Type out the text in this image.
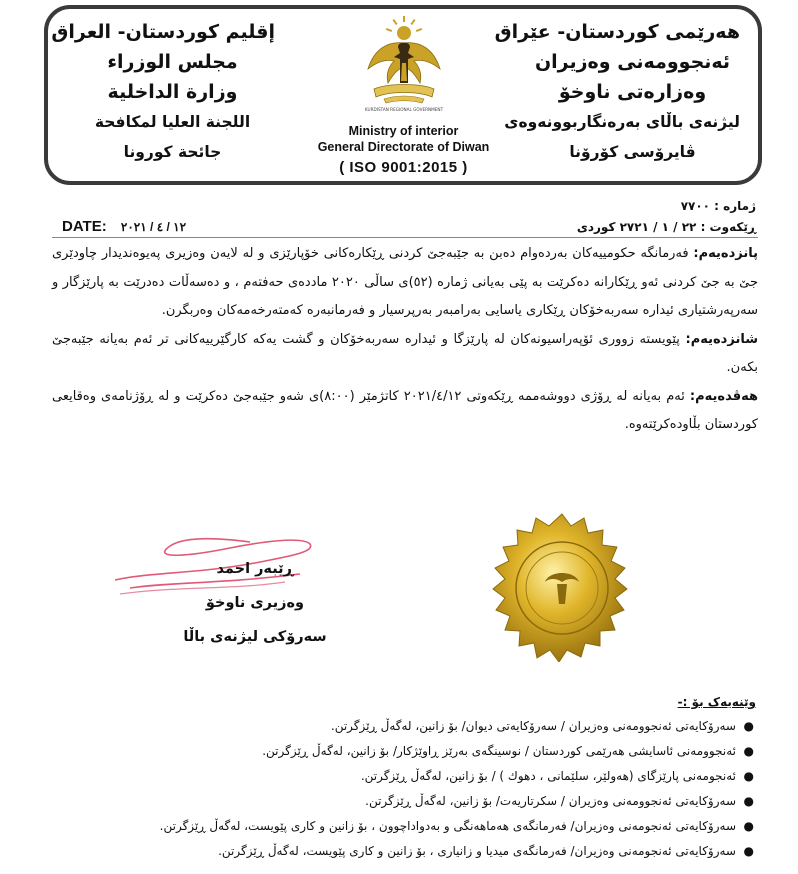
هەرێمی کوردستان- عێراق
ئەنجوومەنی وەزیران
وەزارەتی ناوخۆ
لیژنەی باڵای بەرەنگاربوونەوەی
ڤایرۆسی کۆرۆنا
KURDISTAN REGIONAL GOVERNMENT
Ministry of interior
General Directorate of Diwan
( ISO 9001:2015 )
إقليم كوردستان- العراق
مجلس الوزراء
وزارة الداخلية
اللجنة العليا لمكافحة
جائحة كورونا
ژمارە : ٧٧٠٠
ڕێکەوت : ٢٢ / ١ / ٢٧٢١ کوردی
DATE: ١٢ / ٤ / ٢٠٢١

پانزدەیەم: فەرمانگە حکومییەکان بەردەوام دەبن بە جێبەجێ کردنی ڕێکارەکانی خۆپارێزی و لە لایەن وەزیری پەیوەندیدار چاودێری جێ بە جێ کردنی ئەو ڕێکارانە دەکرێت بە پێی بەیانی ژمارە (٥٢)ی ساڵی ٢٠٢٠ ماددەی حەفتەم ، و دەسەڵات دەدرێت بە پارێزگار و سەرپەرشتیاری ئیدارە سەربەخۆکان ڕێکاری یاسایی بەرامبەر بەرپرسیار و فەرمانبەرە کەمتەرخەمەکان وەربگرن.

شانزدەیەم: پێویستە زووری ئۆپەراسیونەکان لە پارێزگا و ئیدارە سەربەخۆکان و گشت یەکە کارگێرییەکانی تر ئەم بەیانە جێبەجێ بکەن.

هەڤدەیەم: ئەم بەیانە لە ڕۆژی دووشەممە ڕێکەوتی ٢٠٢١/٤/١٢ کاتژمێر (٨:٠٠)ی شەو جێبەجێ دەکرێت و لە ڕۆژنامەی وەقایعی کوردستان بڵاودەکرێتەوە.

ڕێبەر احمد
وەزیری ناوخۆ
سەرۆکی لیژنەی باڵا
وێنەیەک بۆ :-
●
سەرۆکایەتی ئەنجوومەنی وەزیران / سەرۆکایەتی دیوان/ بۆ زانین، لەگەڵ ڕێزگرتن.
●
ئەنجوومەنی ئاسایشی هەرێمی کوردستان / نوسینگەی بەرێز ڕاوێژکار/ بۆ زانین، لەگەڵ ڕێزگرتن.
●
ئەنجومەنی پارێزگای (هەولێر، سلێمانی ، دهوك ) / بۆ زانین، لەگەڵ ڕێزگرتن.
●
سەرۆکایەتی ئەنجوومەنی وەزیران / سکرتاریەت/ بۆ زانین، لەگەڵ ڕێزگرتن.
●
سەرۆکایەتی ئەنجومەنی وەزیران/ فەرمانگەی هەماهەنگی و بەدواداچوون ، بۆ زانین و کاری پێویست، لەگەڵ ڕێزگرتن.
●
سەرۆکایەتی ئەنجومەنی وەزیران/ فەرمانگەی میدیا و زانیاری ، بۆ زانین و کاری پێویست، لەگەڵ ڕێزگرتن.
